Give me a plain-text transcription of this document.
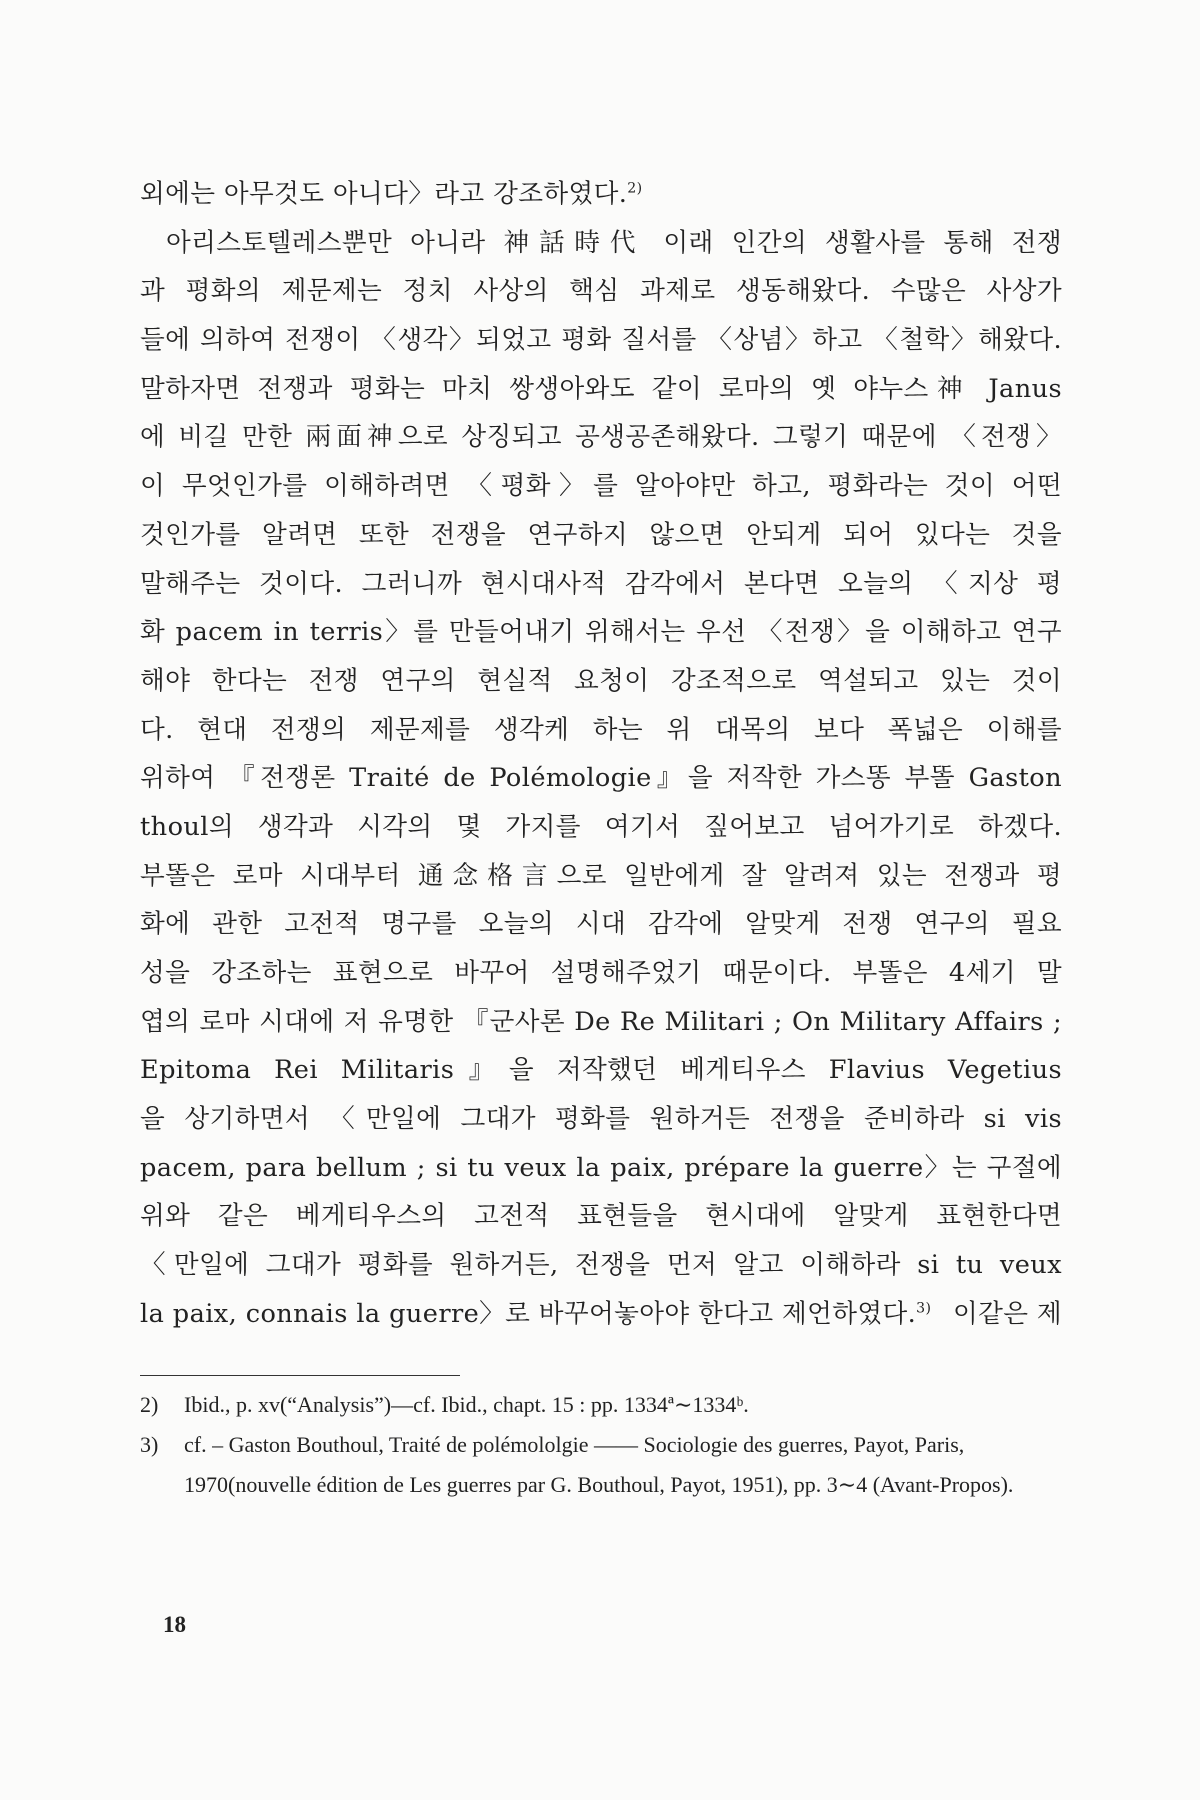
외에는 아무것도 아니다〉라고 강조하였다.$^{2)}$
아리스토텔레스뿐만 아니라 神話時代 이래 인간의 생활사를 통해 전쟁
과 평화의 제문제는 정치 사상의 핵심 과제로 생동해왔다. 수많은 사상가
들에 의하여 전쟁이 〈생각〉되었고 평화 질서를 〈상념〉하고 〈철학〉해왔다.
말하자면 전쟁과 평화는 마치 쌍생아와도 같이 로마의 옛 야누스神 Janus
에 비길 만한 兩面神으로 상징되고 공생공존해왔다. 그렇기 때문에 〈전쟁〉
이 무엇인가를 이해하려면 〈평화〉를 알아야만 하고, 평화라는 것이 어떤
것인가를 알려면 또한 전쟁을 연구하지 않으면 안되게 되어 있다는 것을
말해주는 것이다. 그러니까 현시대사적 감각에서 본다면 오늘의 〈지상 평
화 pacem in terris〉를 만들어내기 위해서는 우선 〈전쟁〉을 이해하고 연구
해야 한다는 전쟁 연구의 현실적 요청이 강조적으로 역설되고 있는 것이
다. 현대 전쟁의 제문제를 생각케 하는 위 대목의 보다 폭넓은 이해를
위하여 『전쟁론 Traité de Polémologie』을 저작한 가스똥 부똘 Gaston
thoul의 생각과 시각의 몇 가지를 여기서 짚어보고 넘어가기로 하겠다.
부똘은 로마 시대부터 通念格言으로 일반에게 잘 알려져 있는 전쟁과 평
화에 관한 고전적 명구를 오늘의 시대 감각에 알맞게 전쟁 연구의 필요
성을 강조하는 표현으로 바꾸어 설명해주었기 때문이다. 부똘은 4세기 말
엽의 로마 시대에 저 유명한 『군사론 De Re Militari ; On Military Affairs ;
Epitoma Rei Militaris』을 저작했던 베게티우스 Flavius Vegetius
을 상기하면서 〈만일에 그대가 평화를 원하거든 전쟁을 준비하라 si vis
pacem, para bellum ; si tu veux la paix, prépare la guerre〉는 구절에
위와 같은 베게티우스의 고전적 표현들을 현시대에 알맞게 표현한다면
〈만일에 그대가 평화를 원하거든, 전쟁을 먼저 알고 이해하라 si tu veux
la paix, connais la guerre〉로 바꾸어놓아야 한다고 제언하였다.$^{3)}$ 이같은 제
2) Ibid., p. xv(“Analysis”)—cf. Ibid., chapt. 15 : pp. 1334ª∼1334ᵇ.
3) cf. – Gaston Bouthoul, Traité de polémololgie —— Sociologie des guerres, Payot, Paris, 1970(nouvelle édition de Les guerres par G. Bouthoul, Payot, 1951), pp. 3∼4 (Avant-Propos).
18
